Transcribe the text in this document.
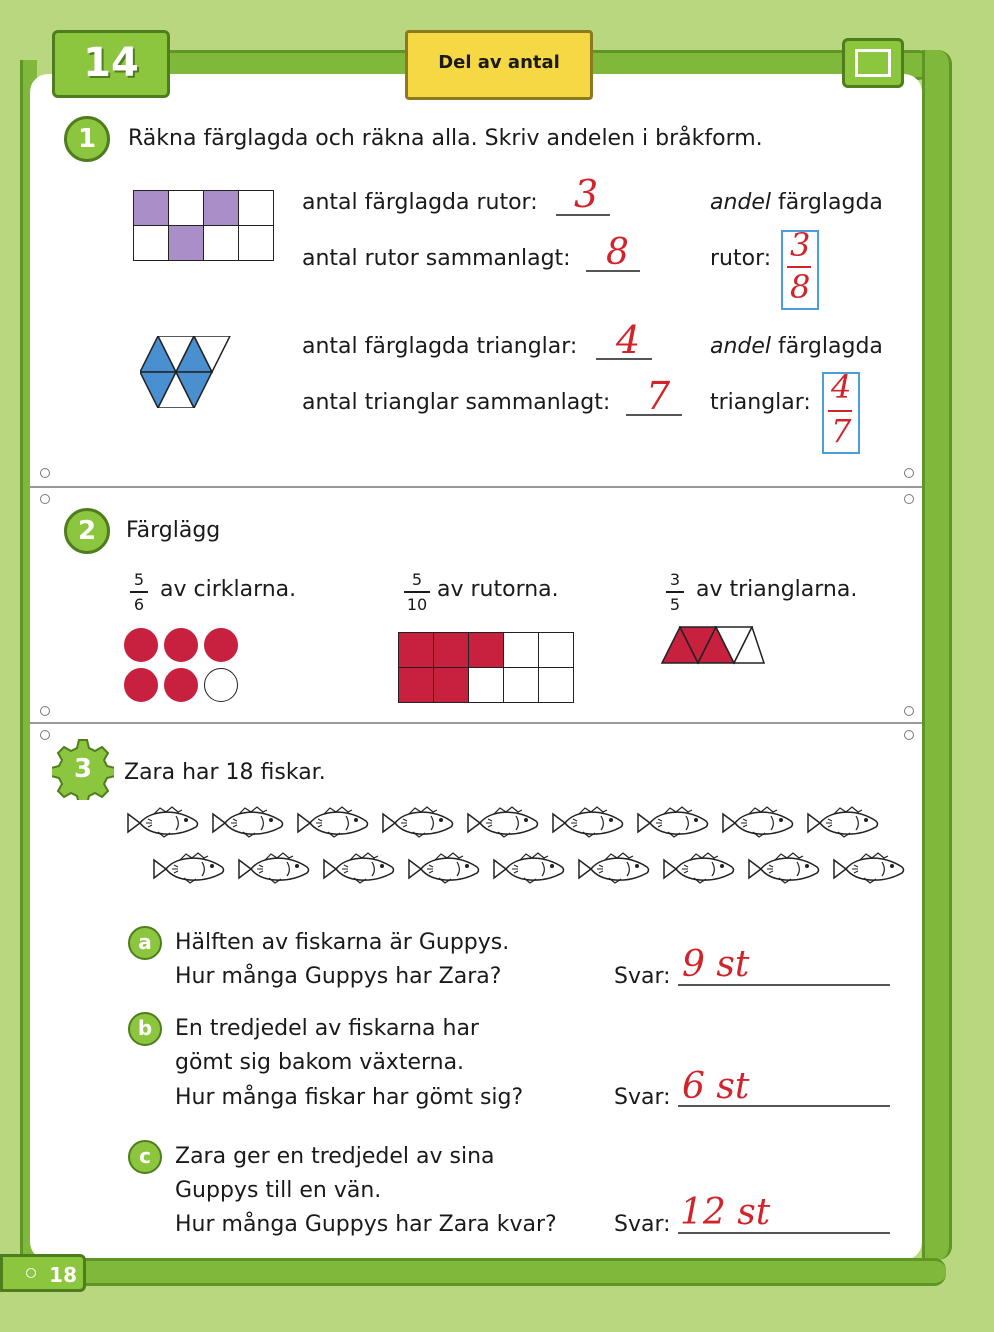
14	Del av antal
1	Räkna färglagda och räkna alla. Skriv andelen i bråkform.

antal färglagda rutor: 3
antal rutor sammanlagt: 8
andel färglagda
rutor: 3
8
antal färglagda trianglar: 4
antal trianglar sammanlagt: 7
andel färglagda
trianglar: 4
7
2	Färglägg
5
6
av cirklarna.	5
10
av rutorna.	3
5
av trianglarna.

3	Zara har 18 fiskar.
a	Hälften av fiskarna är Guppys.
Hur många Guppys har Zara?	Svar: 9 st
b	En tredjedel av fiskarna har
gömt sig bakom växterna.
Hur många fiskar har gömt sig?	Svar: 6 st
c	Zara ger en tredjedel av sina
Guppys till en vän.
Hur många Guppys har Zara kvar?	Svar: 12 st
18
